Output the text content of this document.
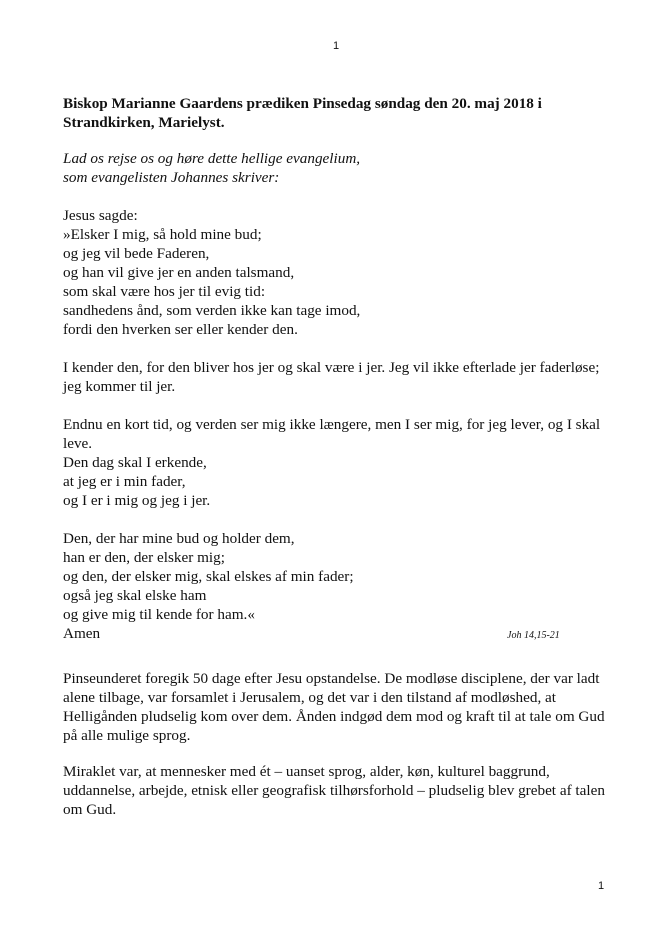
1

Biskop Marianne Gaardens prædiken Pinsedag søndag den 20. maj 2018 i Strandkirken, Marielyst.

Lad os rejse os og høre dette hellige evangelium,
som evangelisten Johannes skriver:
Jesus sagde:
»Elsker I mig, så hold mine bud;
og jeg vil bede Faderen,
og han vil give jer en anden talsmand,
som skal være hos jer til evig tid:
sandhedens ånd, som verden ikke kan tage imod,
fordi den hverken ser eller kender den.
I kender den, for den bliver hos jer og skal være i jer. Jeg vil ikke efterlade jer faderløse;
jeg kommer til jer.
Endnu en kort tid, og verden ser mig ikke længere, men I ser mig, for jeg lever, og I skal leve.
Den dag skal I erkende,
at jeg er i min fader,
og I er i mig og jeg i jer.
Den, der har mine bud og holder dem,
han er den, der elsker mig;
og den, der elsker mig, skal elskes af min fader;
også jeg skal elske ham
og give mig til kende for ham.«
Amen	Joh 14,15-21

Pinseunderet foregik 50 dage efter Jesu opstandelse. De modløse disciplene, der var ladt alene tilbage, var forsamlet i Jerusalem, og det var i den tilstand af modløshed, at Helligånden pludselig kom over dem. Ånden indgød dem mod og kraft til at tale om Gud på alle mulige sprog.

Miraklet var, at mennesker med ét – uanset sprog, alder, køn, kulturel baggrund, uddannelse, arbejde, etnisk eller geografisk tilhørsforhold – pludselig blev grebet af talen om Gud.

1
